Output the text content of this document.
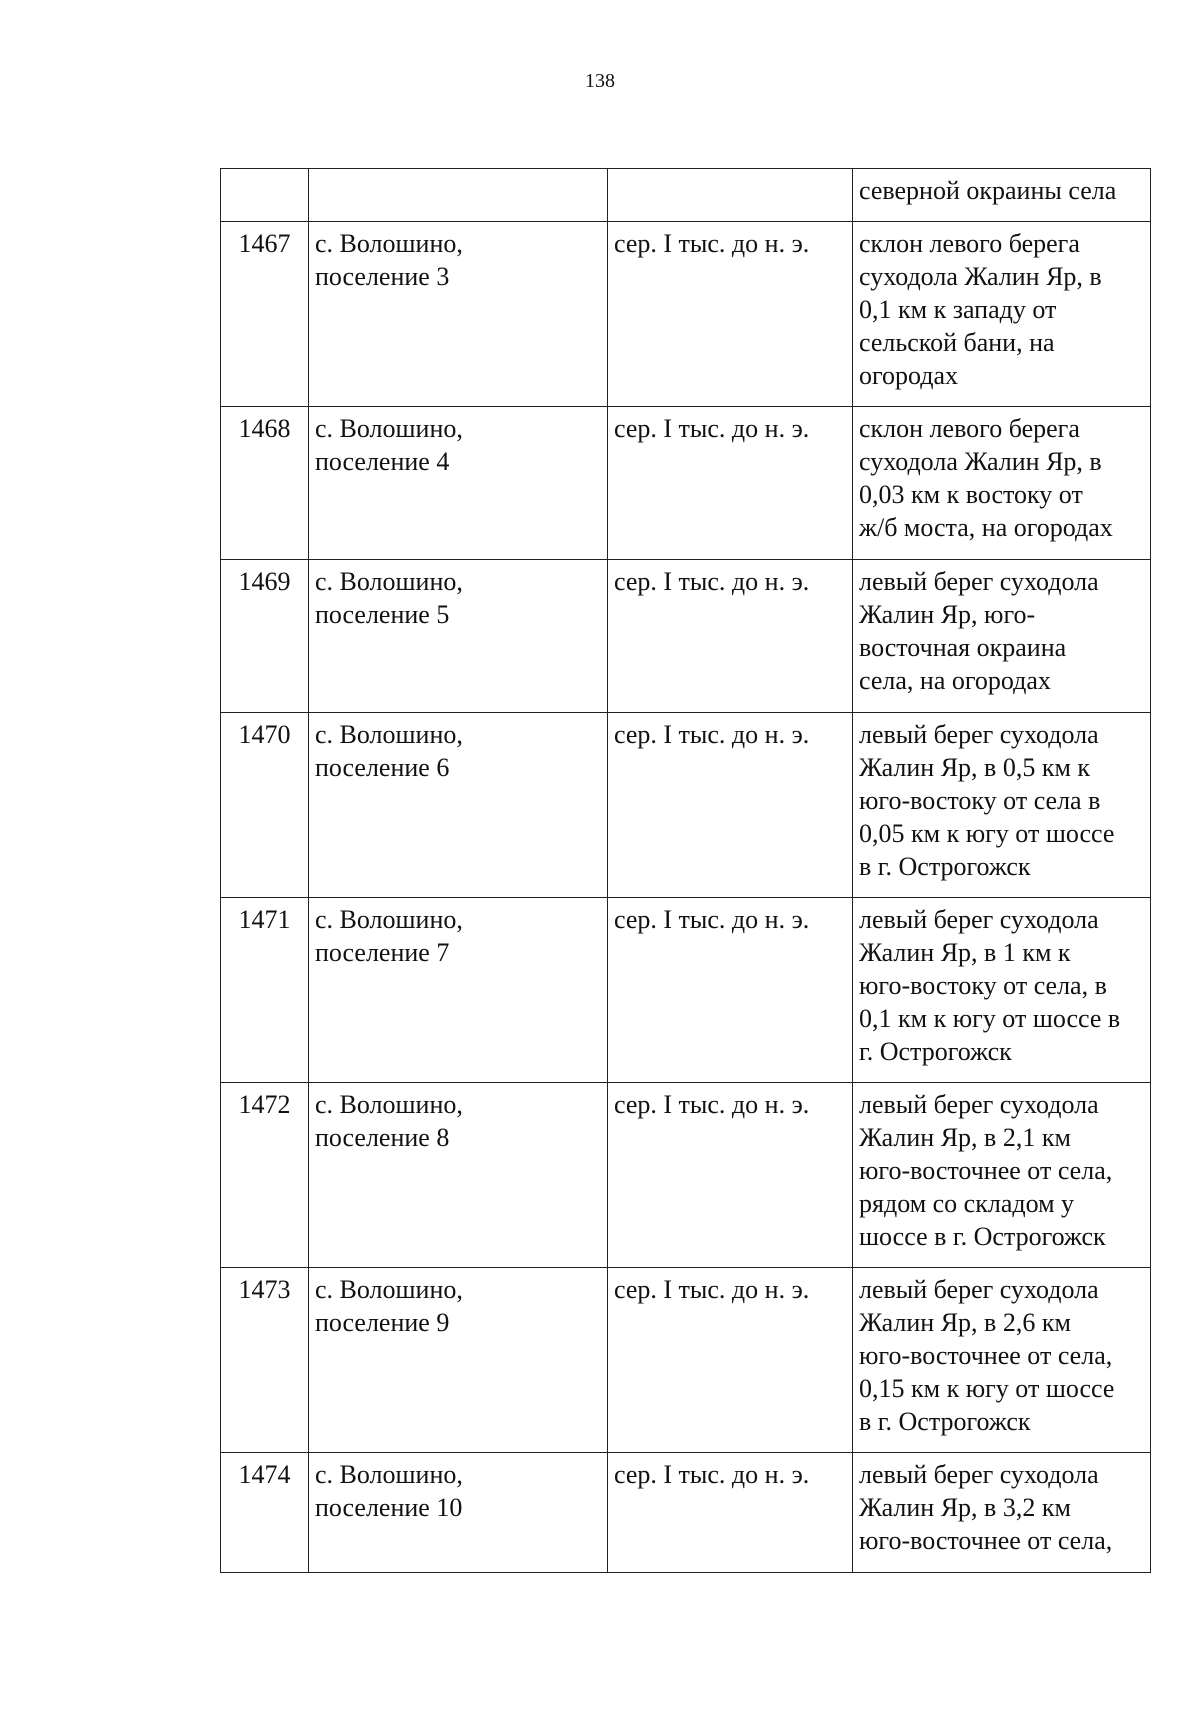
138

			северной окраины села

1467	с. Волошино,
поселение 3	сер. I тыс. до н. э.	склон левого берега
суходола Жалин Яр, в
0,1 км к западу от
сельской бани, на
огородах

1468	с. Волошино,
поселение 4	сер. I тыс. до н. э.	склон левого берега
суходола Жалин Яр, в
0,03 км к востоку от
ж/б моста, на огородах

1469	с. Волошино,
поселение 5	сер. I тыс. до н. э.	левый берег суходола
Жалин Яр, юго-
восточная окраина
села, на огородах

1470	с. Волошино,
поселение 6	сер. I тыс. до н. э.	левый берег суходола
Жалин Яр, в 0,5 км к
юго-востоку от села в
0,05 км к югу от шоссе
в г. Острогожск

1471	с. Волошино,
поселение 7	сер. I тыс. до н. э.	левый берег суходола
Жалин Яр, в 1 км к
юго-востоку от села, в
0,1 км к югу от шоссе в
г. Острогожск

1472	с. Волошино,
поселение 8	сер. I тыс. до н. э.	левый берег суходола
Жалин Яр, в 2,1 км
юго-восточнее от села,
рядом со складом у
шоссе в г. Острогожск

1473	с. Волошино,
поселение 9	сер. I тыс. до н. э.	левый берег суходола
Жалин Яр, в 2,6 км
юго-восточнее от села,
0,15 км к югу от шоссе
в г. Острогожск

1474	с. Волошино,
поселение 10	сер. I тыс. до н. э.	левый берег суходола
Жалин Яр, в 3,2 км
юго-восточнее от села,
